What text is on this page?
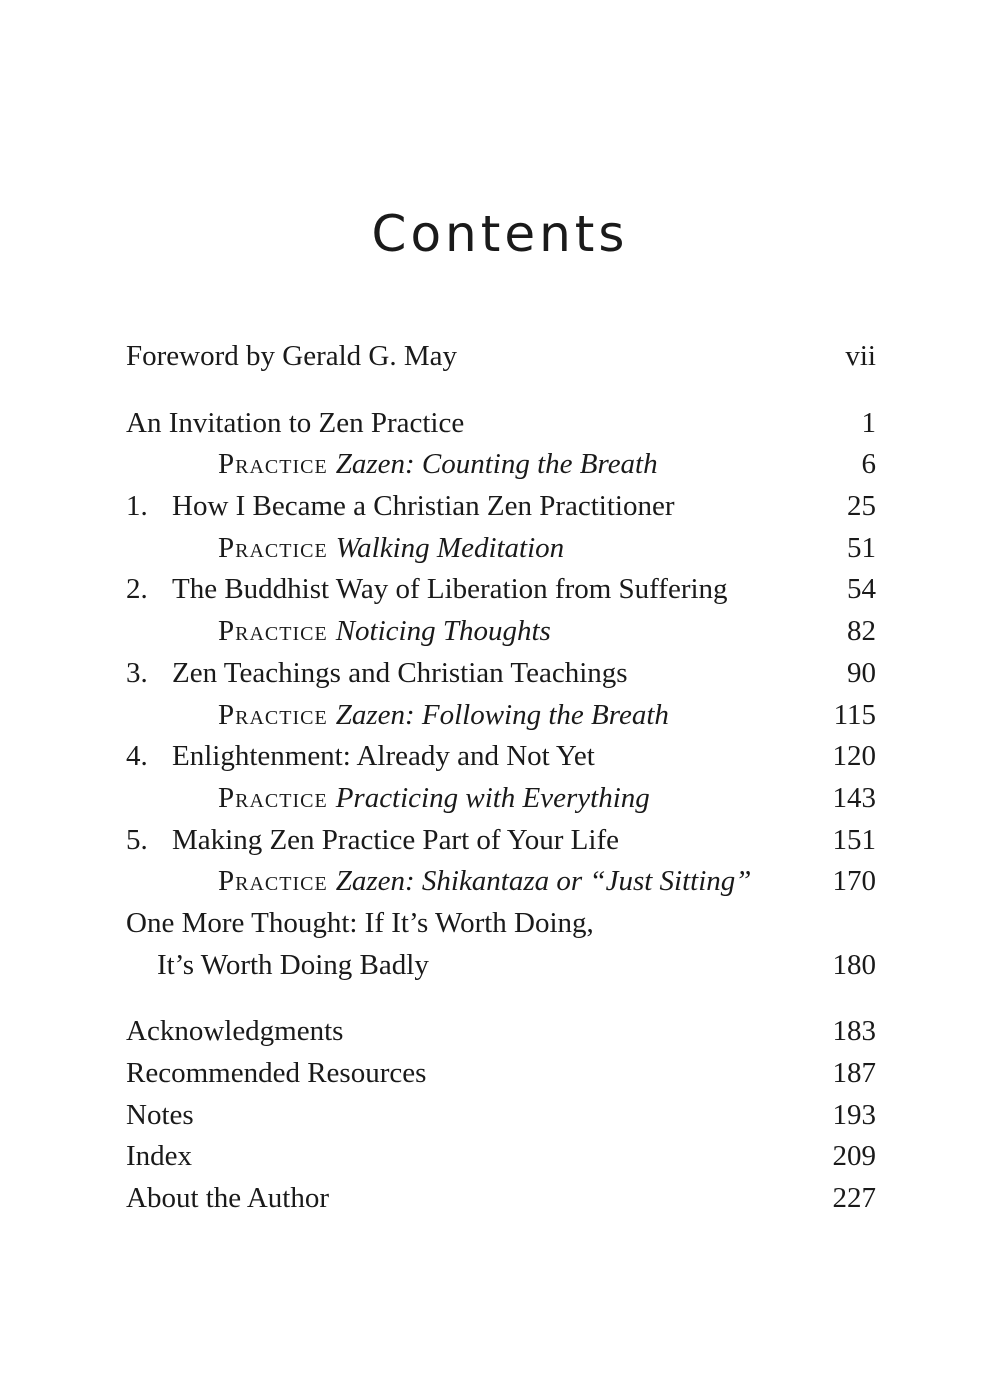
Contents
Foreword by Gerald G. May	vii
An Invitation to Zen Practice	1
Practice Zazen: Counting the Breath	6
1. How I Became a Christian Zen Practitioner	25
Practice Walking Meditation	51
2. The Buddhist Way of Liberation from Suffering	54
Practice Noticing Thoughts	82
3. Zen Teachings and Christian Teachings	90
Practice Zazen: Following the Breath	115
4. Enlightenment: Already and Not Yet	120
Practice Practicing with Everything	143
5. Making Zen Practice Part of Your Life	151
Practice Zazen: Shikantaza or “Just Sitting”	170
One More Thought: If It’s Worth Doing,
It’s Worth Doing Badly	180
Acknowledgments	183
Recommended Resources	187
Notes	193
Index	209
About the Author	227
